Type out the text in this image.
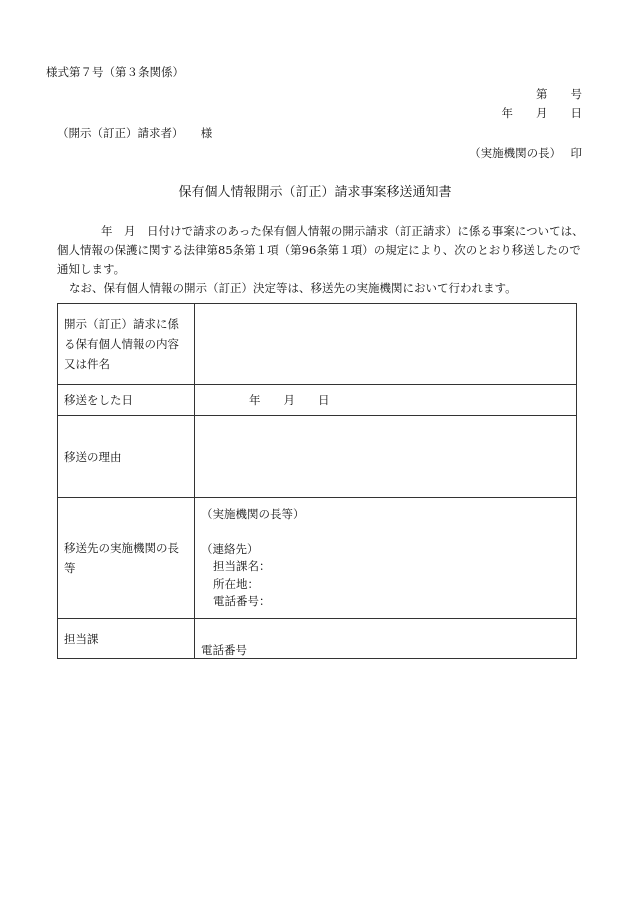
様式第７号（第３条関係）
第　　号
年　　月　　日
（開示（訂正）請求者）　　様
（実施機関の長）　 印
保有個人情報開示（訂正）請求事案移送通知書

年　月　日付けで請求のあった保有個人情報の開示請求（訂正請求）に係る事案については、個人情報の保護に関する法律第85条第１項（第96条第１項）の規定により、次のとおり移送したので通知します。

なお、保有個人情報の開示（訂正）決定等は、移送先の実施機関において行われます。

開示（訂正）請求に係る保有個人情報の内容又は件名	
移送をした日	年　　月　　日
移送の理由	
移送先の実施機関の長等	（実施機関の長等）
（連絡先）
担当課名：
所在地：
電話番号：

担当課	電話番号
